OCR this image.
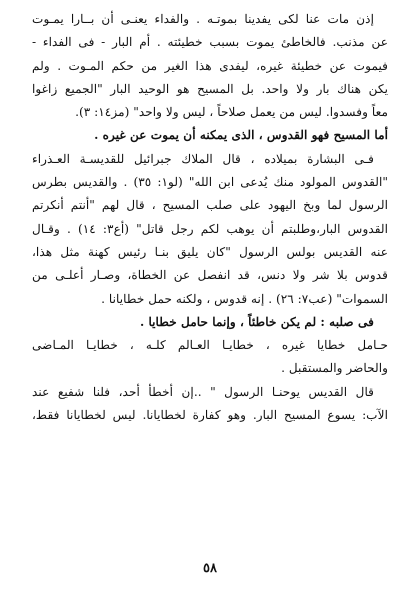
إذن مات عنا لكى يفدينا بموتـه . والفداء يعنـى أن بــارا يمـوت
عن مذنب. فالخاطئ يموت بسبب خطيئته . أم البار - فى الفداء -
فيموت عن خطيئة غيره، ليفدى هذا الغير من حكم المـوت . ولم
يكن هناك بار ولا واحد. بل المسيح هو الوحيد البار "الجميع زاغوا
معاً وفسدوا. ليس من يعمل صلاحاً ، ليس ولا واحد" (مز١٤: ٣).
أما المسيح فهو القدوس ، الذى يمكنه أن يموت عن غيره .
فـى البشارة بميلاده ، قال الملاك جبرائيل للقديسـة العـذراء
"القدوس المولود منك يُدعى ابن الله" (لو١: ٣٥) . والقديس بطرس
الرسول لما وبخ اليهود على صلب المسيح ، قال لهم "أنتم أنكرتم
القدوس البار،وطلبتم أن يوهب لكم رجل قاتل" (أع٣: ١٤) . وقـال
عنه القديس بولس الرسول "كان يليق بنـا رئيس كهنة مثل هذا،
قدوس بلا شر ولا دنس، قد انفصل عن الخطاة، وصـار أعلـى من
السموات" (عب٧: ٢٦) . إنه قدوس ، ولكنه حمل خطايانا .
فى صلبه : لم يكن خاطئاً ، وإنما حامل خطايا .
حـامل خطايا غيره ، خطايـا العـالم كلـه ، خطايـا المـاضى
والحاضر والمستقبل .
قال القديس يوحنـا الرسول " ..إن أخطأ أحد، فلنا شفيع عند
الآب: يسوع المسيح البار. وهو كفارة لخطايانا. ليس لخطايانا فقط،
٥٨
